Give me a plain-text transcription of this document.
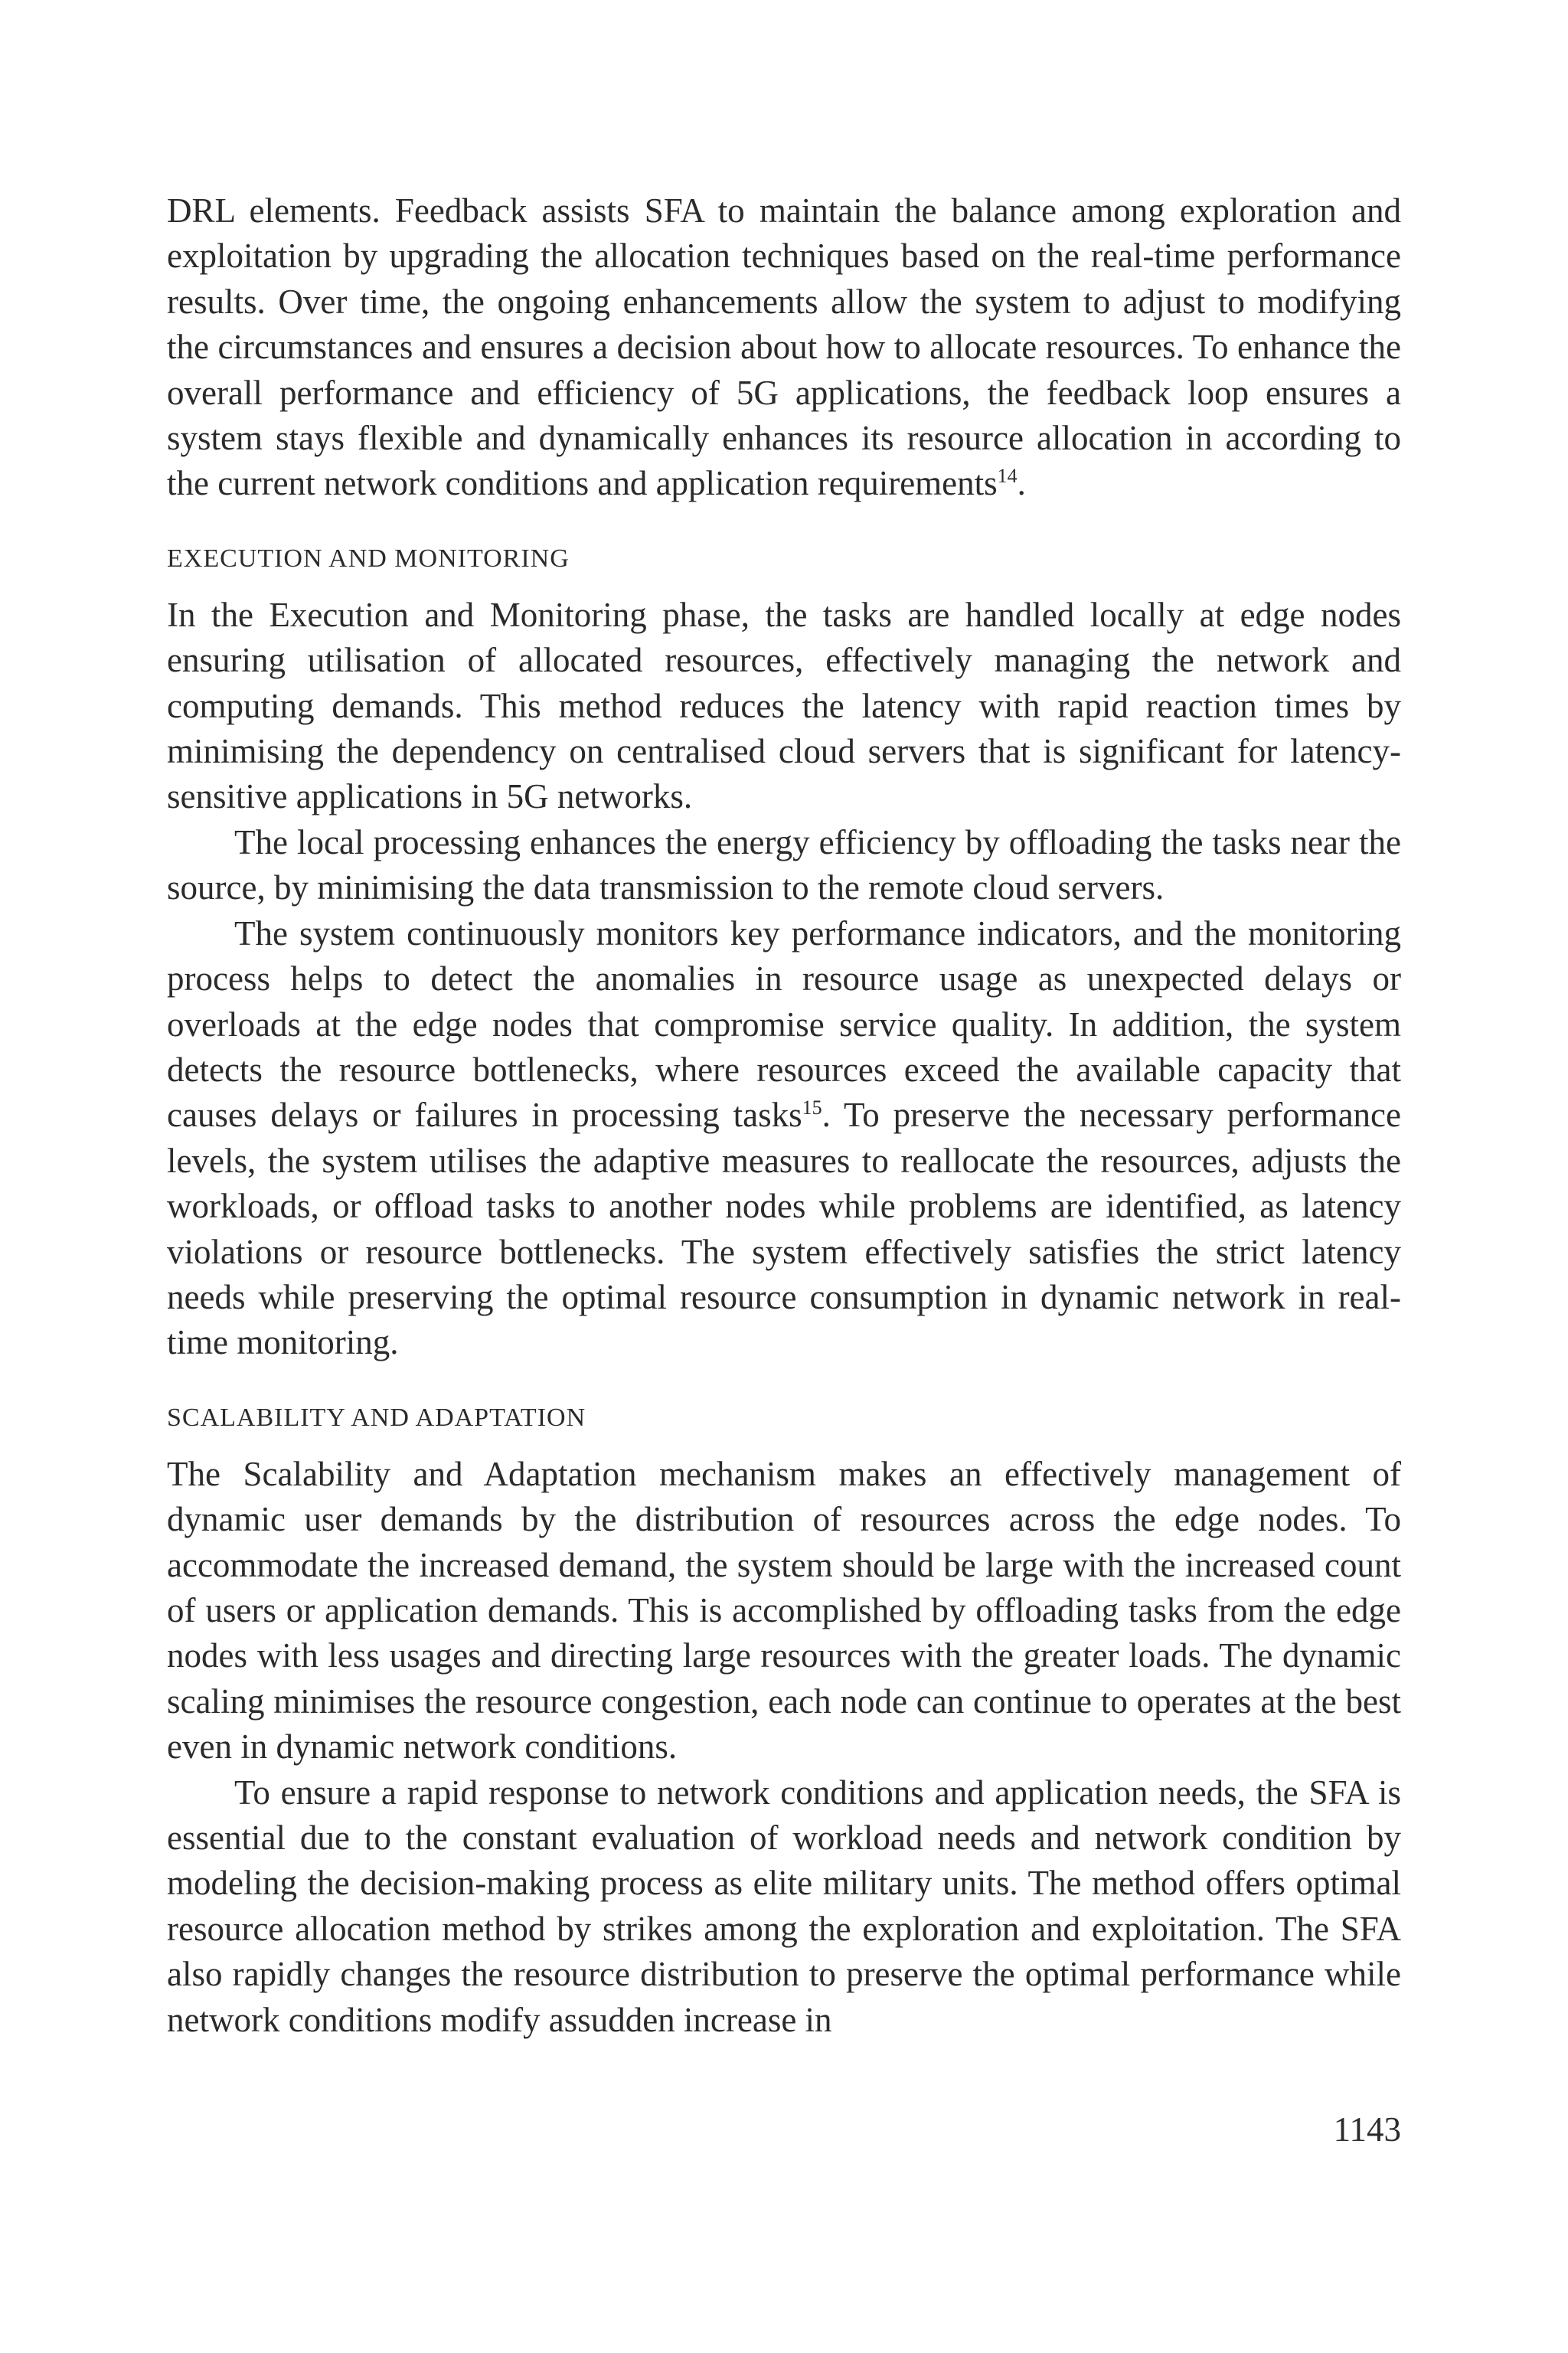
DRL elements. Feedback assists SFA to maintain the balance among exploration and exploitation by upgrading the allocation techniques based on the real-time performance results. Over time, the ongoing enhancements allow the system to adjust to modifying the circumstances and ensures a decision about how to allocate resources. To enhance the overall performance and efficiency of 5G applications, the feedback loop ensures a system stays flexible and dynamically enhances its resource allocation in according to the current network conditions and application requirements$^{14}$.

EXECUTION AND MONITORING

In the Execution and Monitoring phase, the tasks are handled locally at edge nodes ensuring utilisation of allocated resources, effectively managing the network and computing demands. This method reduces the latency with rapid reaction times by minimising the dependency on centralised cloud servers that is significant for latency-sensitive applications in 5G networks.

The local processing enhances the energy efficiency by offloading the tasks near the source, by minimising the data transmission to the remote cloud servers.

The system continuously monitors key performance indicators, and the monitoring process helps to detect the anomalies in resource usage as unexpected delays or overloads at the edge nodes that compromise service quality. In addition, the system detects the resource bottlenecks, where resources exceed the available capacity that causes delays or failures in processing tasks$^{15}$. To preserve the necessary performance levels, the system utilises the adaptive measures to reallocate the resources, adjusts the workloads, or offload tasks to another nodes while problems are identified, as latency violations or resource bottlenecks. The system effectively satisfies the strict latency needs while preserving the optimal resource consumption in dynamic network in real-time monitoring.

SCALABILITY AND ADAPTATION

The Scalability and Adaptation mechanism makes an effectively management of dynamic user demands by the distribution of resources across the edge nodes. To accommodate the increased demand, the system should be large with the increased count of users or application demands. This is accomplished by offloading tasks from the edge nodes with less usages and directing large resources with the greater loads. The dynamic scaling minimises the resource congestion, each node can continue to operates at the best even in dynamic network conditions.

To ensure a rapid response to network conditions and application needs, the SFA is essential due to the constant evaluation of workload needs and network condition by modeling the decision-making process as elite military units. The method offers optimal resource allocation method by strikes among the exploration and exploitation. The SFA also rapidly changes the resource distribution to preserve the optimal performance while network conditions modify assudden increase in

1143
